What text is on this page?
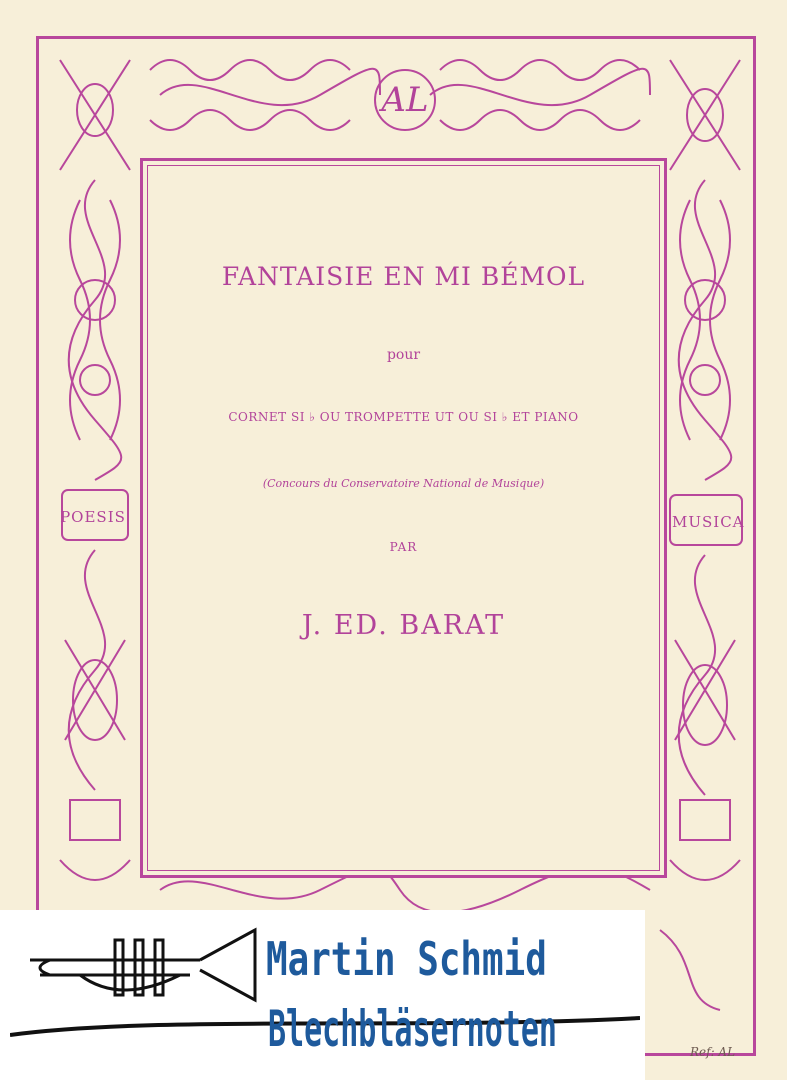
AL
FANTAISIE EN MI BÉMOL
pour
CORNET SI ♭ OU TROMPETTE UT OU SI ♭ ET PIANO
(Concours du Conservatoire National de Musique)
PAR
J. ED. BARAT
POESIS	MUSICA
Ref: AL
Martin Schmid
Blechbläsernoten
